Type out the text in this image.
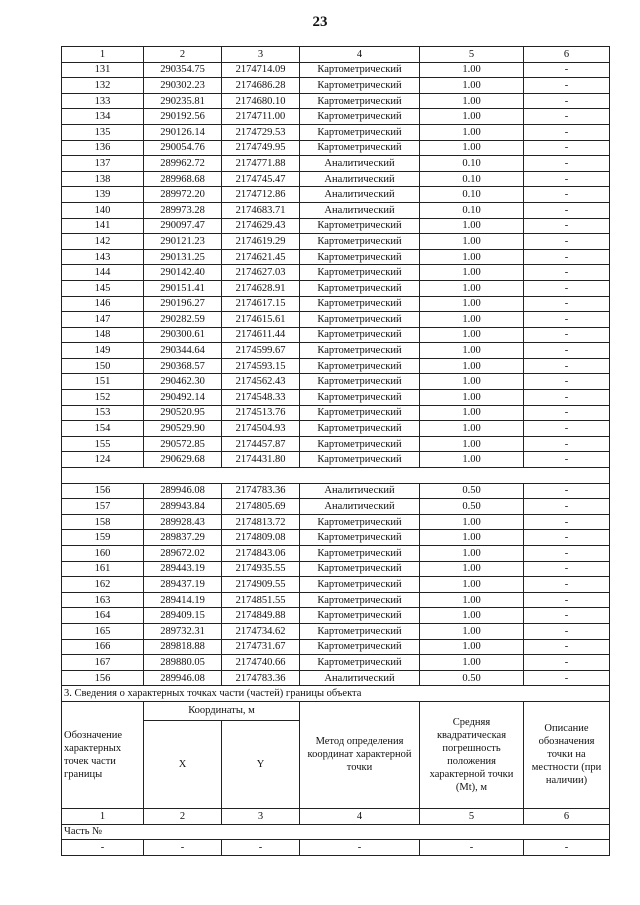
23
1	2	3	4	5	6
131	290354.75	2174714.09	Картометрический	1.00	-
132	290302.23	2174686.28	Картометрический	1.00	-
133	290235.81	2174680.10	Картометрический	1.00	-
134	290192.56	2174711.00	Картометрический	1.00	-
135	290126.14	2174729.53	Картометрический	1.00	-
136	290054.76	2174749.95	Картометрический	1.00	-
137	289962.72	2174771.88	Аналитический	0.10	-
138	289968.68	2174745.47	Аналитический	0.10	-
139	289972.20	2174712.86	Аналитический	0.10	-
140	289973.28	2174683.71	Аналитический	0.10	-
141	290097.47	2174629.43	Картометрический	1.00	-
142	290121.23	2174619.29	Картометрический	1.00	-
143	290131.25	2174621.45	Картометрический	1.00	-
144	290142.40	2174627.03	Картометрический	1.00	-
145	290151.41	2174628.91	Картометрический	1.00	-
146	290196.27	2174617.15	Картометрический	1.00	-
147	290282.59	2174615.61	Картометрический	1.00	-
148	290300.61	2174611.44	Картометрический	1.00	-
149	290344.64	2174599.67	Картометрический	1.00	-
150	290368.57	2174593.15	Картометрический	1.00	-
151	290462.30	2174562.43	Картометрический	1.00	-
152	290492.14	2174548.33	Картометрический	1.00	-
153	290520.95	2174513.76	Картометрический	1.00	-
154	290529.90	2174504.93	Картометрический	1.00	-
155	290572.85	2174457.87	Картометрический	1.00	-
124	290629.68	2174431.80	Картометрический	1.00	-

156	289946.08	2174783.36	Аналитический	0.50	-
157	289943.84	2174805.69	Аналитический	0.50	-
158	289928.43	2174813.72	Картометрический	1.00	-
159	289837.29	2174809.08	Картометрический	1.00	-
160	289672.02	2174843.06	Картометрический	1.00	-
161	289443.19	2174935.55	Картометрический	1.00	-
162	289437.19	2174909.55	Картометрический	1.00	-
163	289414.19	2174851.55	Картометрический	1.00	-
164	289409.15	2174849.88	Картометрический	1.00	-
165	289732.31	2174734.62	Картометрический	1.00	-
166	289818.88	2174731.67	Картометрический	1.00	-
167	289880.05	2174740.66	Картометрический	1.00	-
156	289946.08	2174783.36	Аналитический	0.50	-
3. Сведения о характерных точках части (частей) границы объекта					
Обозначение характерных точек части границы	Координаты, м		Метод определения координат характерной точки	Средняя квадратическая погрешность положения характерной точки (Mt), м	Описание обозначения точки на местности (при наличии)
	X	Y			
1	2	3	4	5	6
Часть №					
-	-	-	-	-	-
